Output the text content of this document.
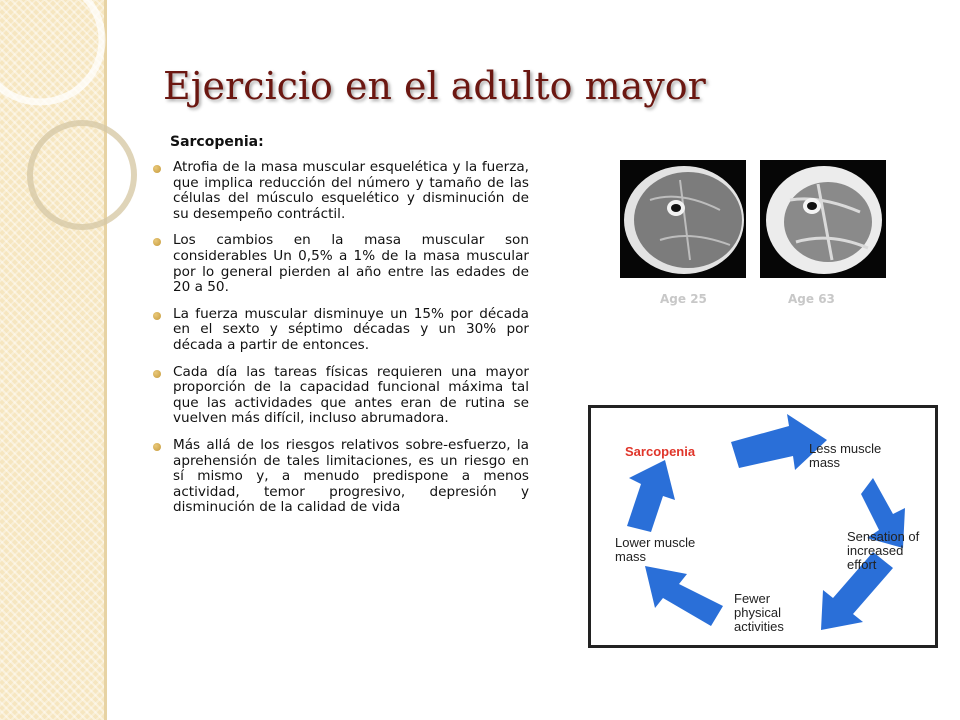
Ejercicio en el adulto mayor
Sarcopenia:
Atrofia de la masa muscular esquelética y la fuerza, que implica reducción del número y tamaño de las células del músculo esquelético y disminución de su desempeño contráctil.
Los cambios en la masa muscular son considerables Un 0,5% a 1% de la masa muscular por lo general pierden al año entre las edades de 20 a 50.
La fuerza muscular disminuye un 15% por década en el sexto y séptimo décadas y un 30% por década a partir de entonces.
Cada día las tareas físicas requieren una mayor proporción de la capacidad funcional máxima tal que las actividades que antes eran de rutina se vuelven más difícil, incluso abrumadora.
Más allá de los riesgos relativos sobre-esfuerzo, la aprehensión de tales limitaciones, es un riesgo en sí mismo y, a menudo predispone a menos actividad, temor progresivo, depresión y disminución de la calidad de vida
Age 25	Age 63
Sarcopenia	Less muscle mass
Sensation of increased effort
Fewer physical activities
Lower muscle mass
